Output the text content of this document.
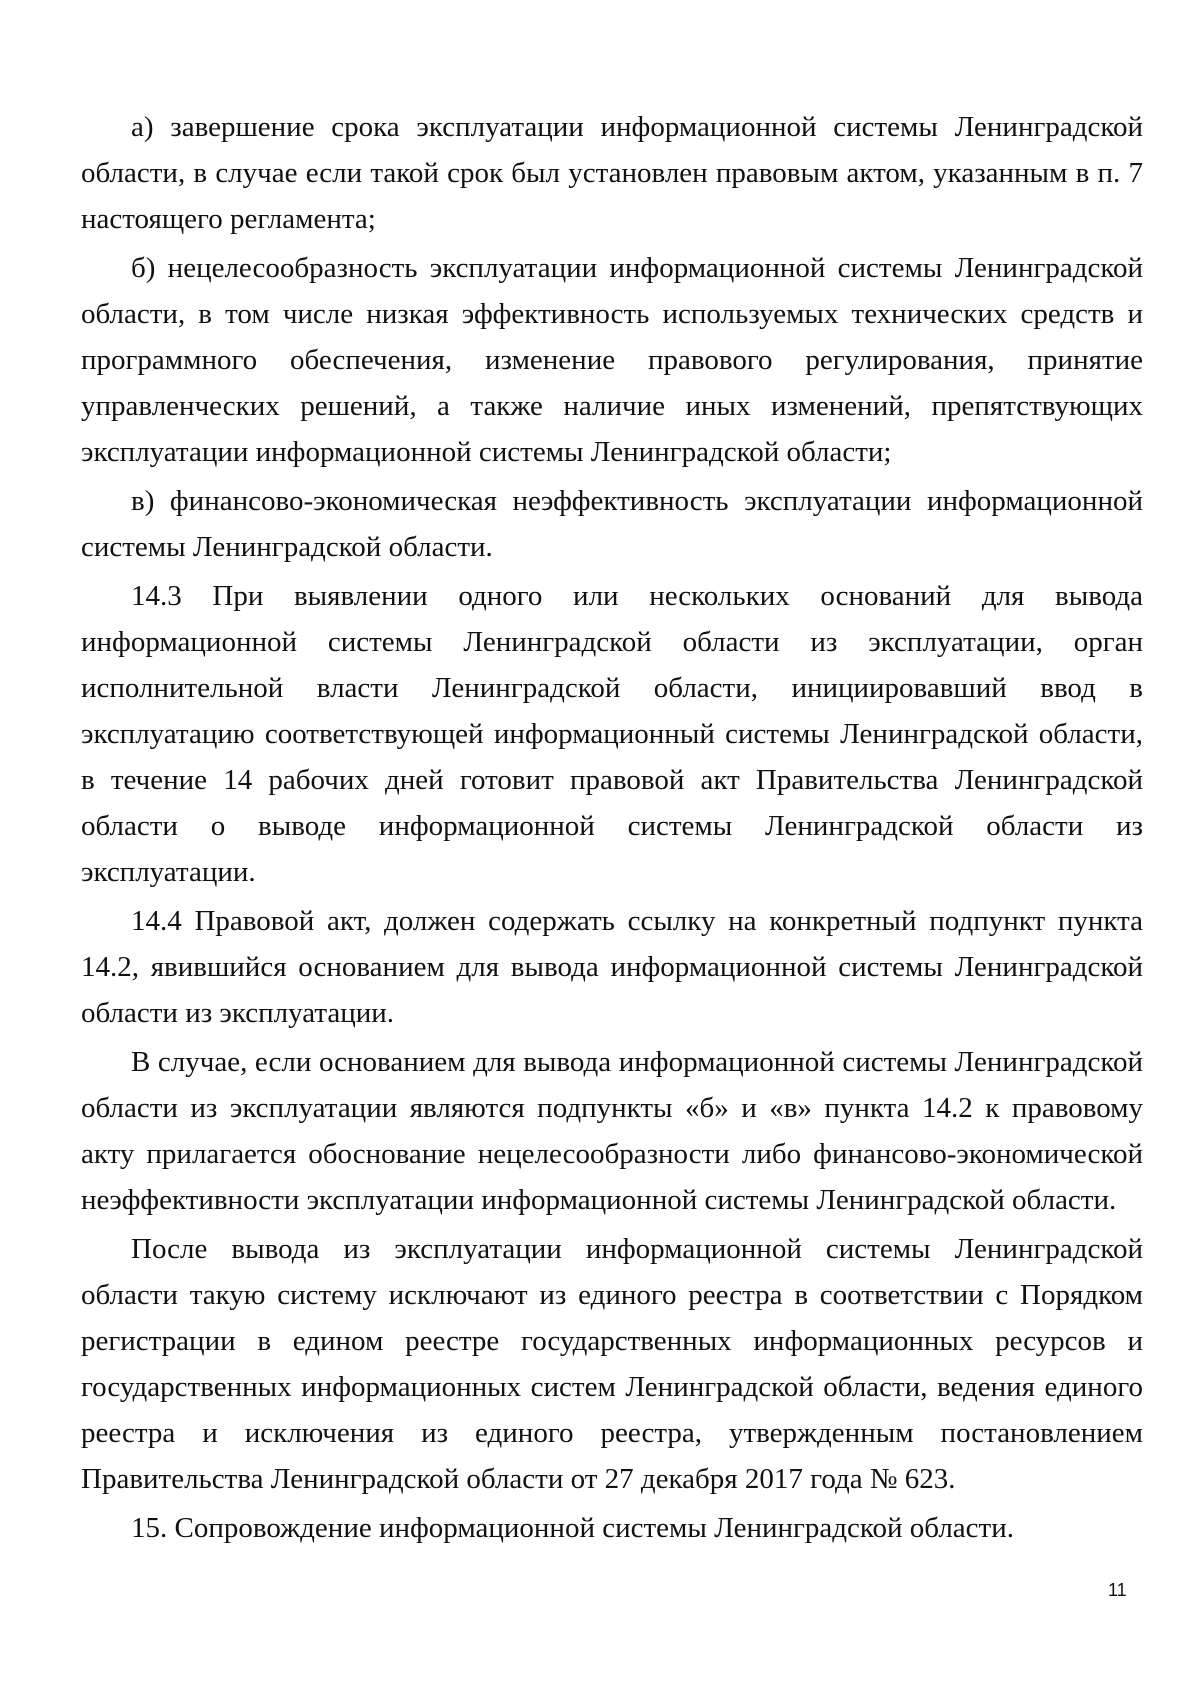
а) завершение срока эксплуатации информационной системы Ленинградской области, в случае если такой срок был установлен правовым актом, указанным в п. 7 настоящего регламента;

б) нецелесообразность эксплуатации информационной системы Ленинградской области, в том числе низкая эффективность используемых технических средств и программного обеспечения, изменение правового регулирования, принятие управленческих решений, а также наличие иных изменений, препятствующих эксплуатации информационной системы Ленинградской области;

в) финансово-экономическая неэффективность эксплуатации информационной системы Ленинградской области.

14.3 При выявлении одного или нескольких оснований для вывода информационной системы Ленинградской области из эксплуатации, орган исполнительной власти Ленинградской области, инициировавший ввод в эксплуатацию соответствующей информационный системы Ленинградской области, в течение 14 рабочих дней готовит правовой акт Правительства Ленинградской области о выводе информационной системы Ленинградской области из эксплуатации.

14.4 Правовой акт, должен содержать ссылку на конкретный подпункт пункта 14.2, явившийся основанием для вывода информационной системы Ленинградской области из эксплуатации.

В случае, если основанием для вывода информационной системы Ленинградской области из эксплуатации являются подпункты «б» и «в» пункта 14.2 к правовому акту прилагается обоснование нецелесообразности либо финансово-экономической неэффективности эксплуатации информационной системы Ленинградской области.

После вывода из эксплуатации информационной системы Ленинградской области такую систему исключают из единого реестра в соответствии с Порядком регистрации в едином реестре государственных информационных ресурсов и государственных информационных систем Ленинградской области, ведения единого реестра и исключения из единого реестра, утвержденным постановлением Правительства Ленинградской области от 27 декабря 2017 года № 623.

15. Сопровождение информационной системы Ленинградской области.

11
